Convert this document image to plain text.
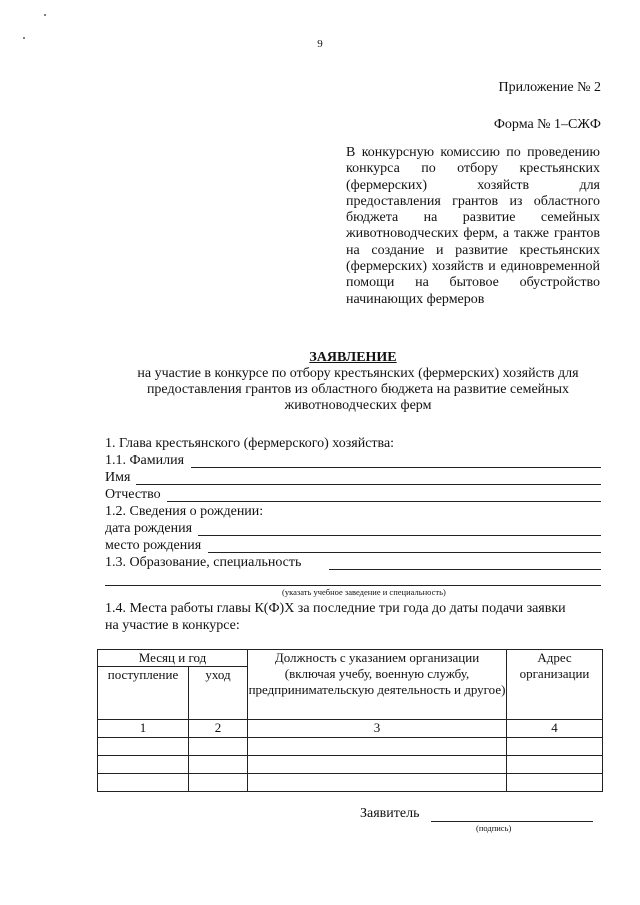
9
Приложение № 2
Форма № 1–СЖФ
В конкурсную комиссию по проведению конкурса по отбору крестьянских (фермерских) хозяйств для предоставления грантов из областного бюджета на развитие семейных животноводческих ферм, а также грантов на создание и развитие крестьянских (фермерских) хозяйств и единовременной помощи на бытовое обустройство начинающих фермеров
ЗАЯВЛЕНИЕ
на участие в конкурсе по отбору крестьянских (фермерских) хозяйств для предоставления грантов из областного бюджета на развитие семейных животноводческих ферм
1. Глава крестьянского (фермерского) хозяйства:
1.1. Фамилия
Имя
Отчество
1.2. Сведения о рождении:
дата рождения
место рождения
1.3. Образование, специальность
(указать учебное заведение и специальность)
1.4. Места работы главы К(Ф)Х за последние три года до даты подачи заявки
на участие в конкурсе:
Месяц и год		Должность с указанием организации (включая учебу, военную службу, предпринимательскую деятельность и другое)	Адрес организации
поступление	уход		
1	2	3	4

Заявитель
(подпись)
